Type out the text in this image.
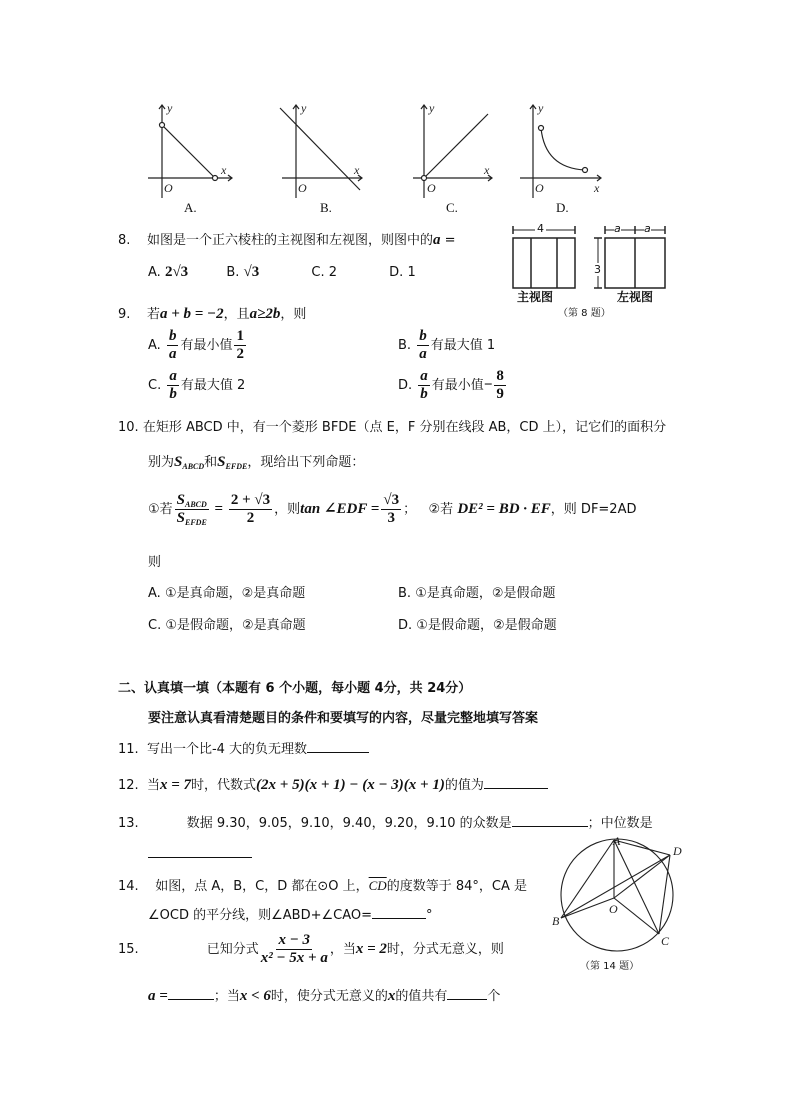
y
x
O
y
x
O
y
x
O
y
x
O
A.	B.	C.	D.
8. 如图是一个正六棱柱的主视图和左视图，则图中的a =
A. 2√3	B. √3	C. 2	D. 1
4
3
a a
主视图	左视图
（第 8 题）
9. 若a + b = −2，且a≥2b，则
A. $\frac{b}{a}$ 有最小值 $\frac{1}{2}$	B. $\frac{b}{a}$ 有最大值 1
C. $\frac{a}{b}$ 有最大值 2	D. $\frac{a}{b}$ 有最小值− $\frac{8}{9}$
10. 在矩形 ABCD 中，有一个菱形 BFDE（点 E，F 分别在线段 AB，CD 上），记它们的面积分
别为$S_{ABCD}$和$S_{EFDE}$，现给出下列命题：
①若 $\frac{S_{ABCD}}{S_{EFDE}} = \frac{2 + √3}{2}$ ，则tan ∠EDF = $\frac{√3}{3}$ ； ②若 DE² = BD · EF，则 DF=2AD
则
A. ①是真命题，②是真命题	B. ①是真命题，②是假命题
C. ①是假命题，②是真命题	D. ①是假命题，②是假命题
二、认真填一填（本题有 6 个小题，每小题 4分，共 24分）
要注意认真看清楚题目的条件和要填写的内容，尽量完整地填写答案
11. 写出一个比-4 大的负无理数
12. 当x = 7时，代数式(2x + 5)(x + 1) − (x − 3)(x + 1)的值为
13.	数据 9.30，9.05，9.10，9.40，9.20，9.10 的众数是	；中位数是
14. 如图，点 A，B，C，D 都在⊙O 上，$\overline{CD}$的度数等于 84°，CA 是
∠OCD 的平分线，则∠ABD+∠CAO=	°
D
B
C
O
A
（第 14 题）
15.	已知分式 $\frac{x - 3}{\text{x² − 5x + a}}$ ，当x = 2时，分式无意义，则
a =	；当x < 6时，使分式无意义的x的值共有	个
